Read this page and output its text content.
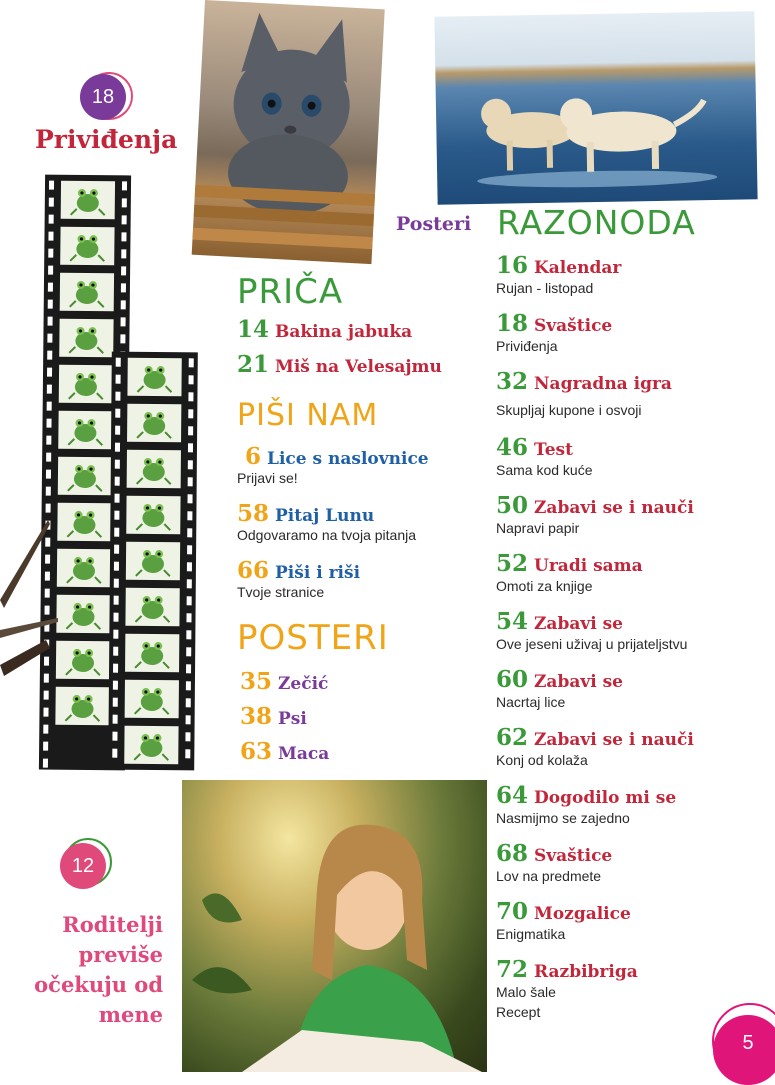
18
Priviđenja
12
Roditelji
previše
očekuju od
mene
Posteri
PRIČA
14 Bakina jabuka
21 Miš na Velesajmu
PIŠI NAM
6 Lice s naslovnice
Prijavi se!
58 Pitaj Lunu
Odgovaramo na tvoja pitanja
66 Piši i riši
Tvoje stranice
POSTERI
35 Zečić
38 Psi
63 Maca
RAZONODA
16 Kalendar
Rujan - listopad
18 Svaštice
Priviđenja
32 Nagradna igra
Skupljaj kupone i osvoji
46 Test
Sama kod kuće
50 Zabavi se i nauči
Napravi papir
52 Uradi sama
Omoti za knjige
54 Zabavi se
Ove jeseni uživaj u prijateljstvu
60 Zabavi se
Nacrtaj lice
62 Zabavi se i nauči
Konj od kolaža
64 Dogodilo mi se
Nasmijmo se zajedno
68 Svaštice
Lov na predmete
70 Mozgalice
Enigmatika
72 Razbibriga
Malo šale
Recept
5
